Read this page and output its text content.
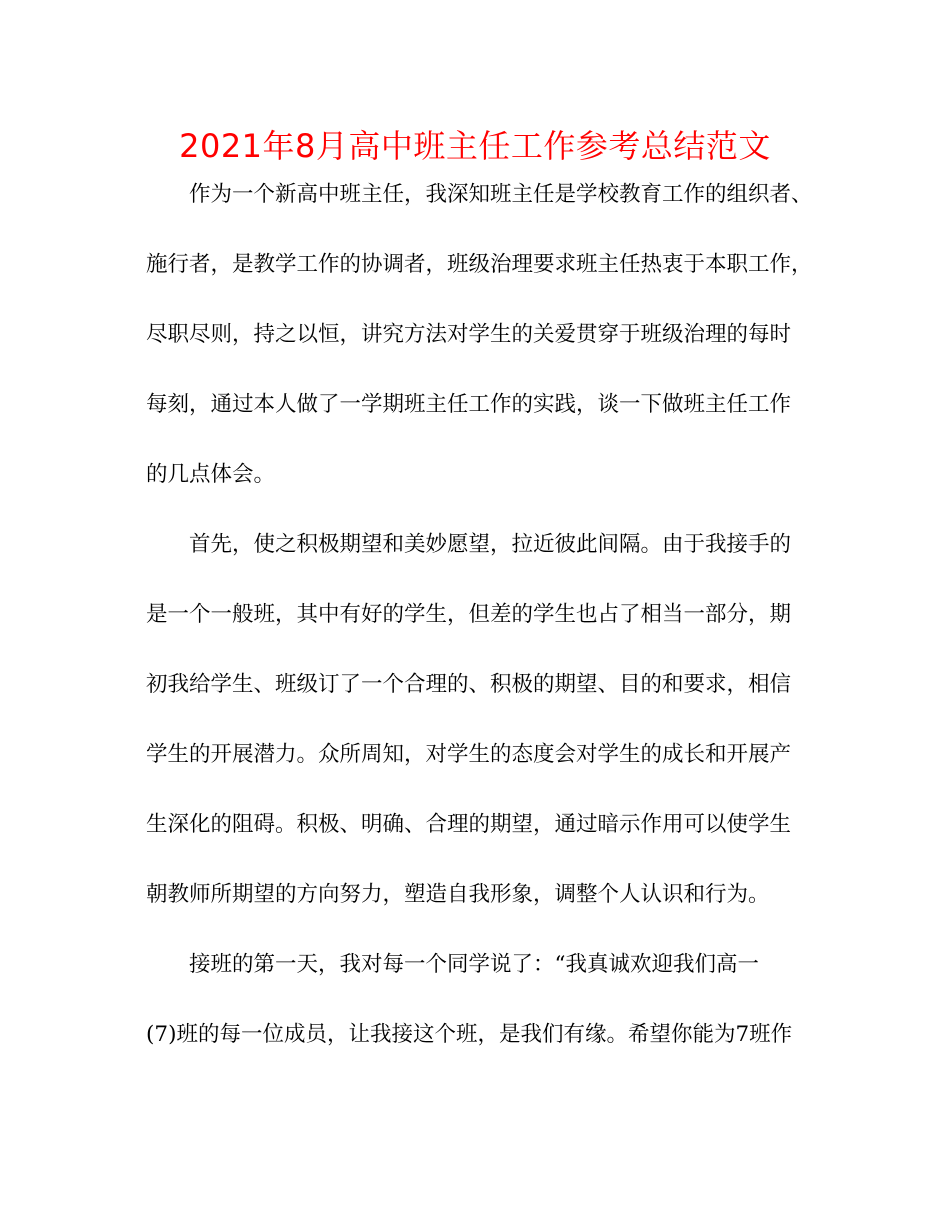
2021年8月高中班主任工作参考总结范文
作为一个新高中班主任，我深知班主任是学校教育工作的组织者、
施行者，是教学工作的协调者，班级治理要求班主任热衷于本职工作，
尽职尽则，持之以恒，讲究方法对学生的关爱贯穿于班级治理的每时
每刻，通过本人做了一学期班主任工作的实践，谈一下做班主任工作
的几点体会。
首先，使之积极期望和美妙愿望，拉近彼此间隔。由于我接手的
是一个一般班，其中有好的学生，但差的学生也占了相当一部分，期
初我给学生、班级订了一个合理的、积极的期望、目的和要求，相信
学生的开展潜力。众所周知，对学生的态度会对学生的成长和开展产
生深化的阻碍。积极、明确、合理的期望，通过暗示作用可以使学生
朝教师所期望的方向努力，塑造自我形象，调整个人认识和行为。
接班的第一天，我对每一个同学说了：“我真诚欢迎我们高一
(7)班的每一位成员，让我接这个班，是我们有缘。希望你能为7班作
